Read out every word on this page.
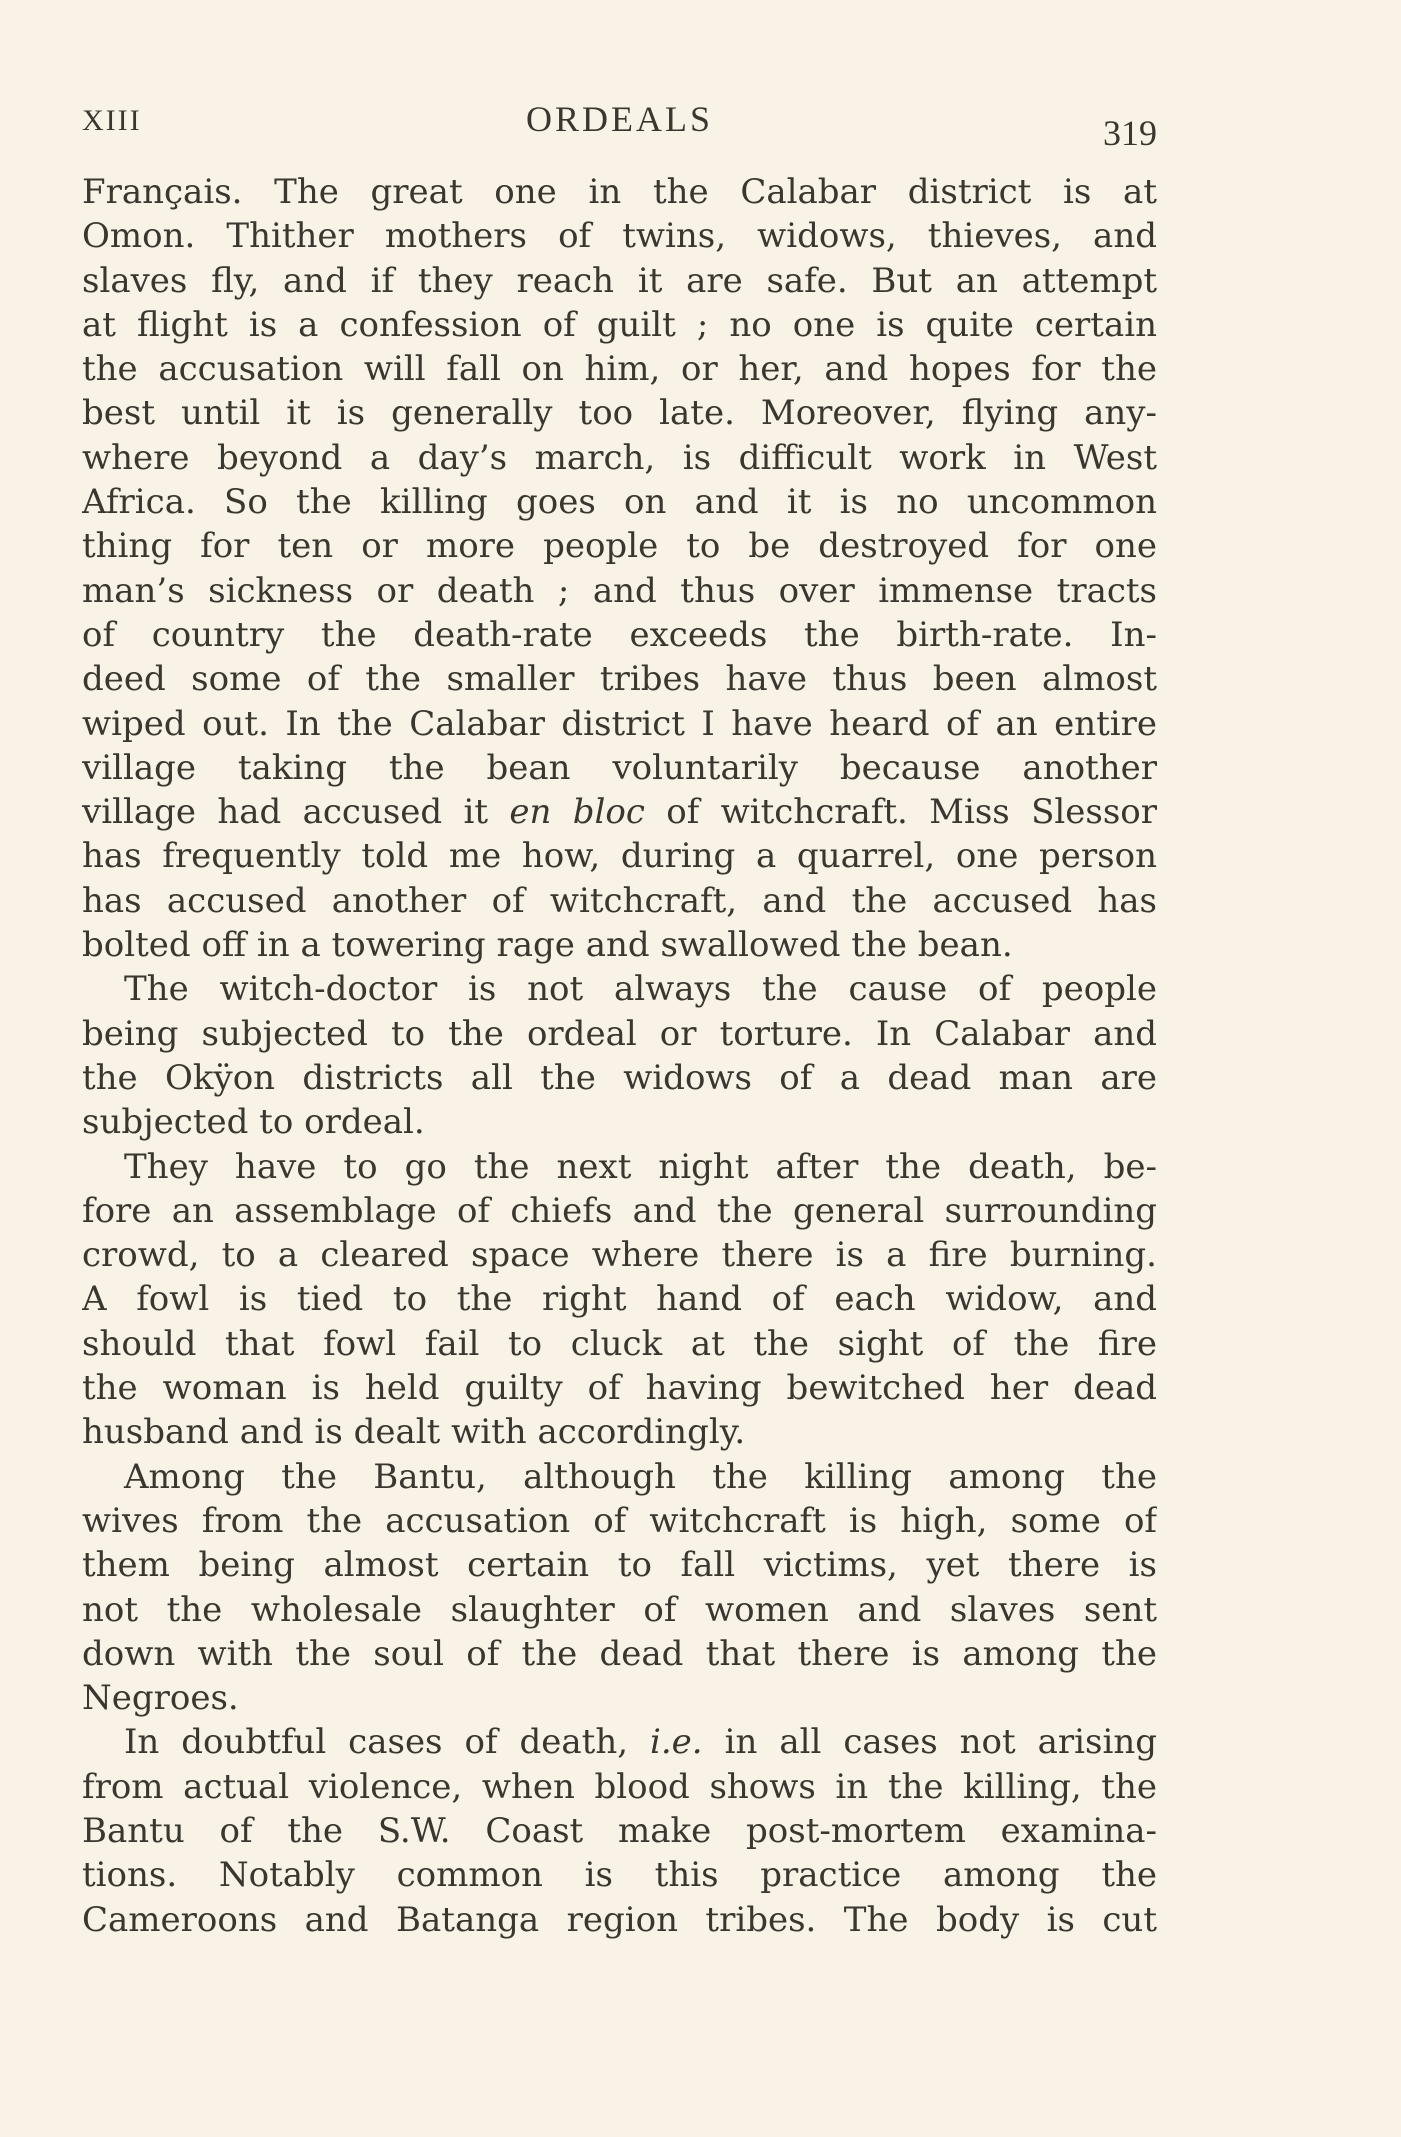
XIII	ORDEALS	319
Français. The great one in the Calabar district is at
Omon. Thither mothers of twins, widows, thieves, and
slaves fly, and if they reach it are safe. But an attempt
at flight is a confession of guilt ; no one is quite certain
the accusation will fall on him, or her, and hopes for the
best until it is generally too late. Moreover, flying any-
where beyond a day’s march, is difficult work in West
Africa. So the killing goes on and it is no uncommon
thing for ten or more people to be destroyed for one
man’s sickness or death ; and thus over immense tracts
of country the death-rate exceeds the birth-rate. In-
deed some of the smaller tribes have thus been almost
wiped out. In the Calabar district I have heard of an entire
village taking the bean voluntarily because another
village had accused it en bloc of witchcraft. Miss Slessor
has frequently told me how, during a quarrel, one person
has accused another of witchcraft, and the accused has
bolted off in a towering rage and swallowed the bean.
The witch-doctor is not always the cause of people
being subjected to the ordeal or torture. In Calabar and
the Okÿon districts all the widows of a dead man are
subjected to ordeal.
They have to go the next night after the death, be-
fore an assemblage of chiefs and the general surrounding
crowd, to a cleared space where there is a fire burning.
A fowl is tied to the right hand of each widow, and
should that fowl fail to cluck at the sight of the fire
the woman is held guilty of having bewitched her dead
husband and is dealt with accordingly.
Among the Bantu, although the killing among the
wives from the accusation of witchcraft is high, some of
them being almost certain to fall victims, yet there is
not the wholesale slaughter of women and slaves sent
down with the soul of the dead that there is among the
Negroes.
In doubtful cases of death, i.e. in all cases not arising
from actual violence, when blood shows in the killing, the
Bantu of the S.W. Coast make post-mortem examina-
tions. Notably common is this practice among the
Cameroons and Batanga region tribes. The body is cut
